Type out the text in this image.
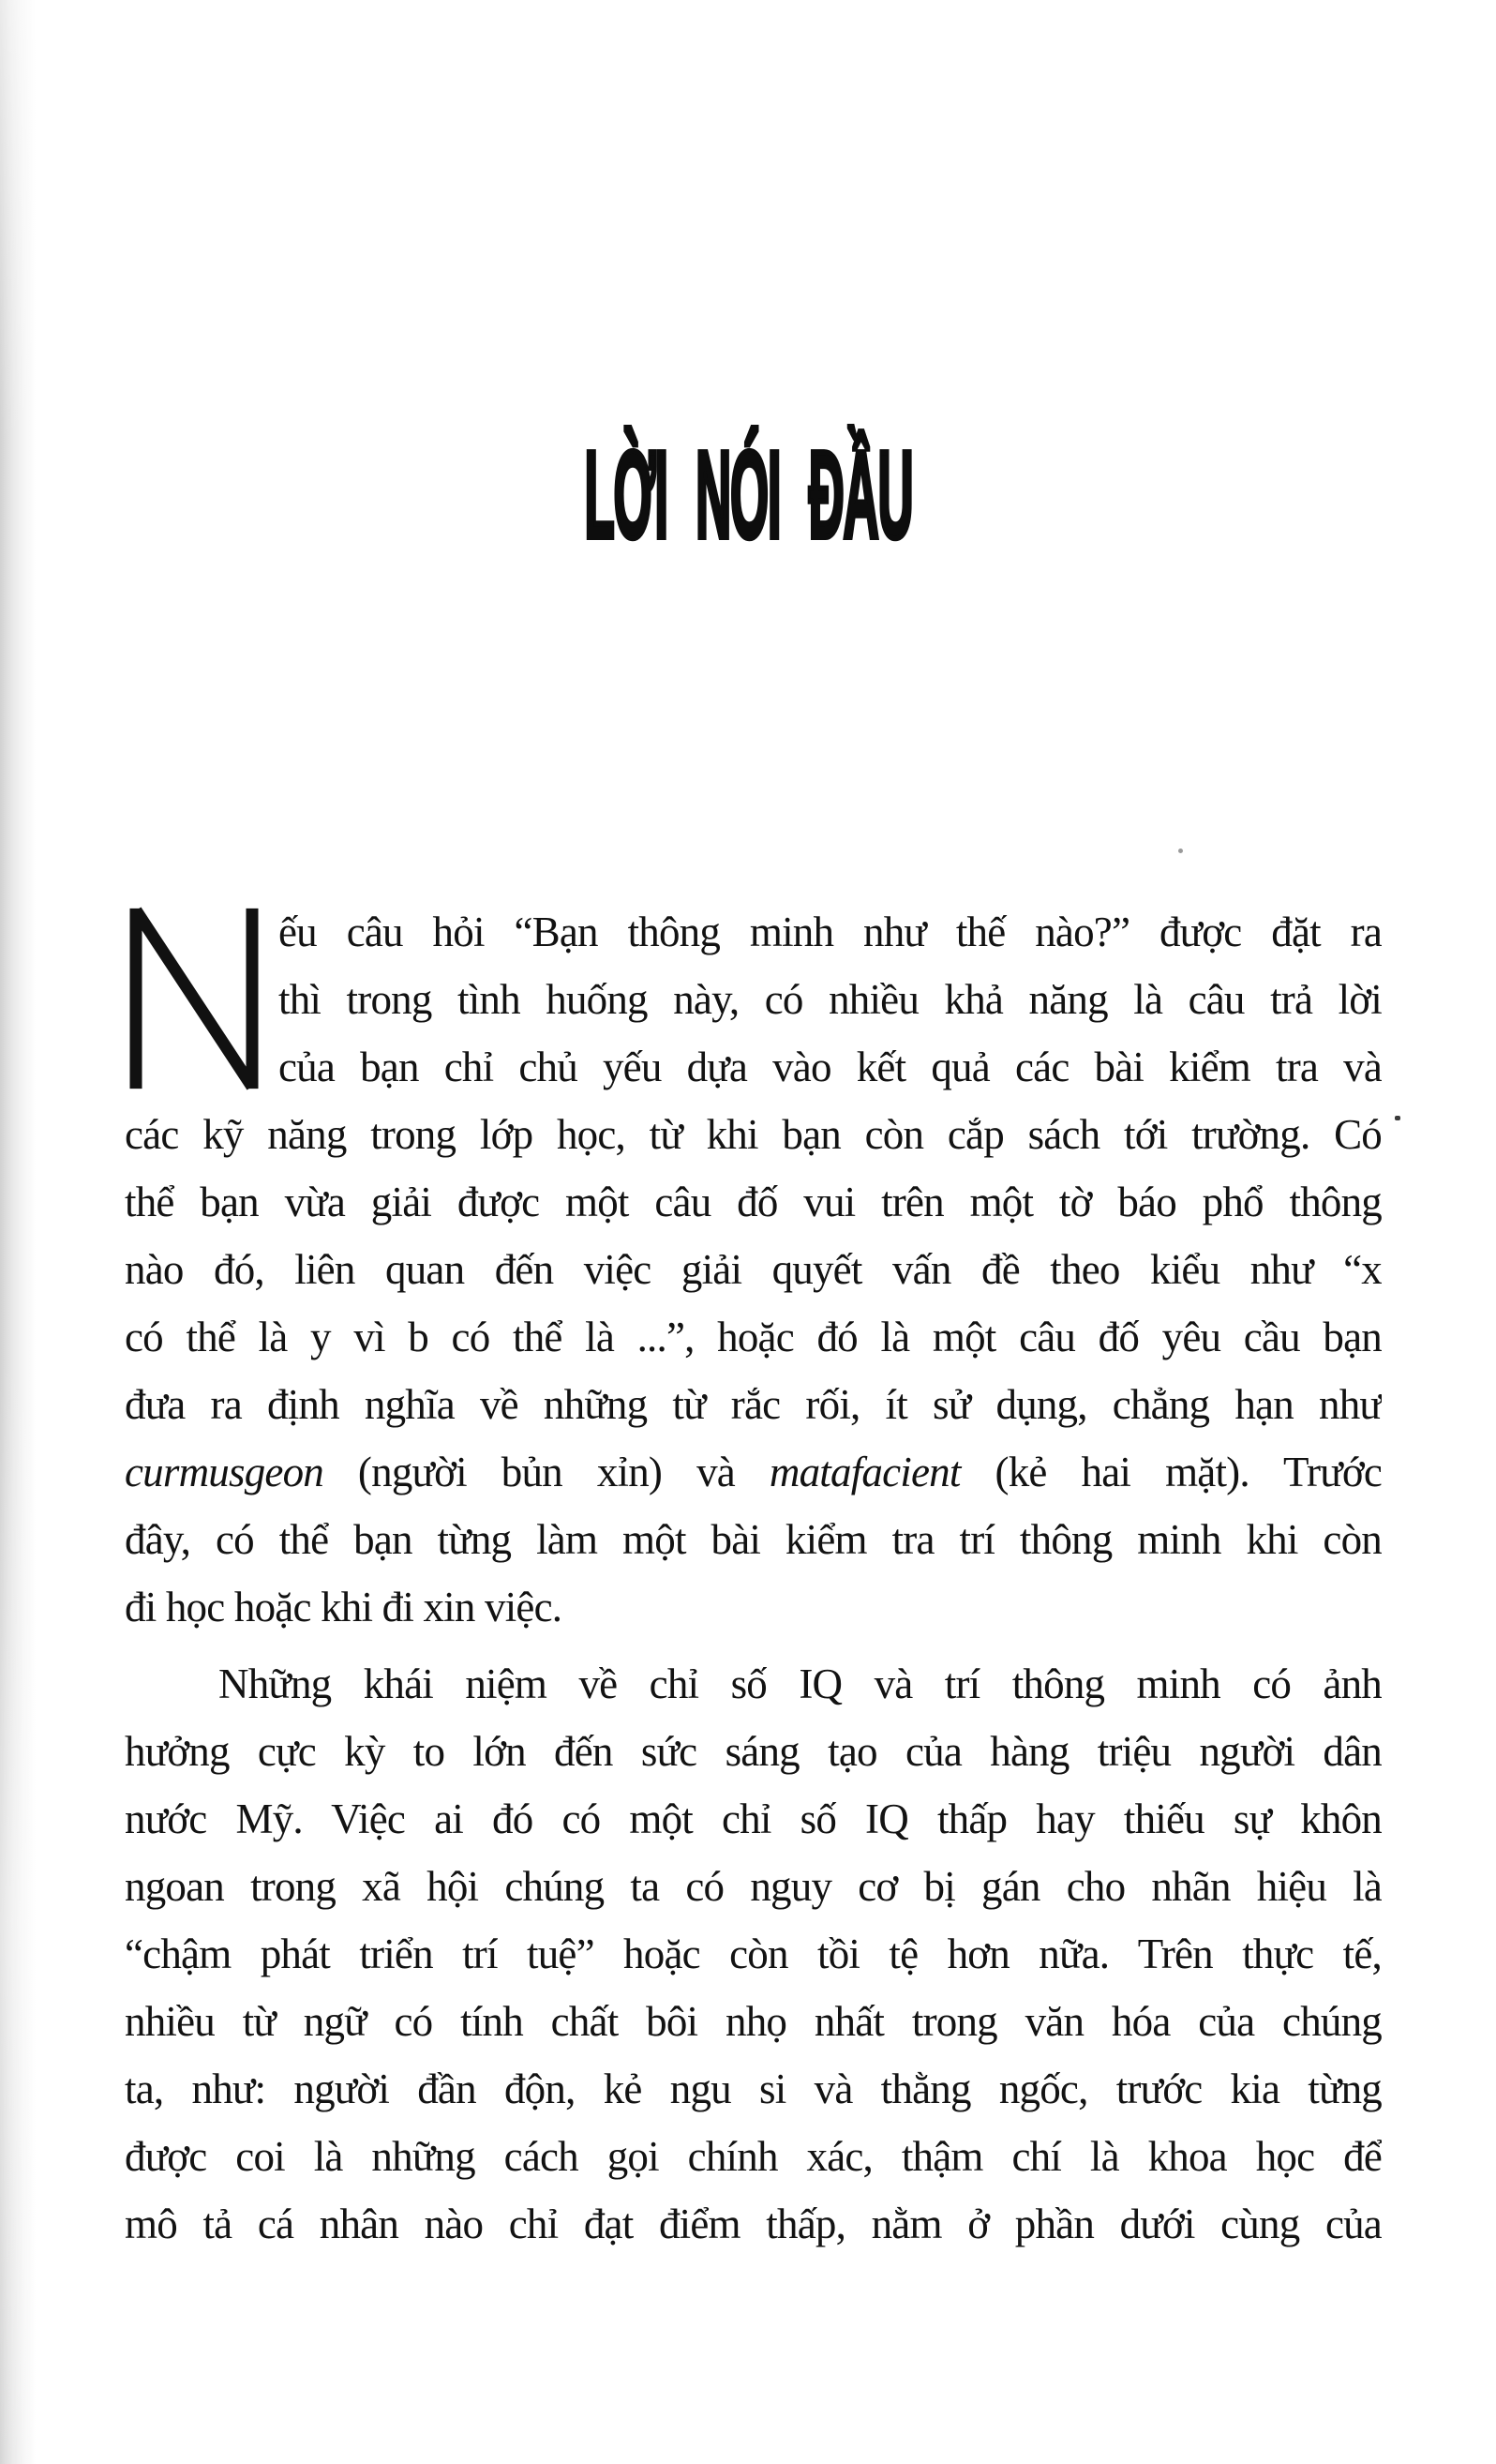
LỜI NÓI ĐẦU
ếu câu hỏi “Bạn thông minh như thế nào?” được đặt ra
thì trong tình huống này, có nhiều khả năng là câu trả lời
của bạn chỉ chủ yếu dựa vào kết quả các bài kiểm tra và
các kỹ năng trong lớp học, từ khi bạn còn cắp sách tới trường. Có
thể bạn vừa giải được một câu đố vui trên một tờ báo phổ thông
nào đó, liên quan đến việc giải quyết vấn đề theo kiểu như “x
có thể là y vì b có thể là ...”, hoặc đó là một câu đố yêu cầu bạn
đưa ra định nghĩa về những từ rắc rối, ít sử dụng, chẳng hạn như
curmusgeon (người bủn xỉn) và matafacient (kẻ hai mặt). Trước
đây, có thể bạn từng làm một bài kiểm tra trí thông minh khi còn
đi học hoặc khi đi xin việc.
Những khái niệm về chỉ số IQ và trí thông minh có ảnh
hưởng cực kỳ to lớn đến sức sáng tạo của hàng triệu người dân
nước Mỹ. Việc ai đó có một chỉ số IQ thấp hay thiếu sự khôn
ngoan trong xã hội chúng ta có nguy cơ bị gán cho nhãn hiệu là
“chậm phát triển trí tuệ” hoặc còn tồi tệ hơn nữa. Trên thực tế,
nhiều từ ngữ có tính chất bôi nhọ nhất trong văn hóa của chúng
ta, như: người đần độn, kẻ ngu si và thằng ngốc, trước kia từng
được coi là những cách gọi chính xác, thậm chí là khoa học để
mô tả cá nhân nào chỉ đạt điểm thấp, nằm ở phần dưới cùng của
